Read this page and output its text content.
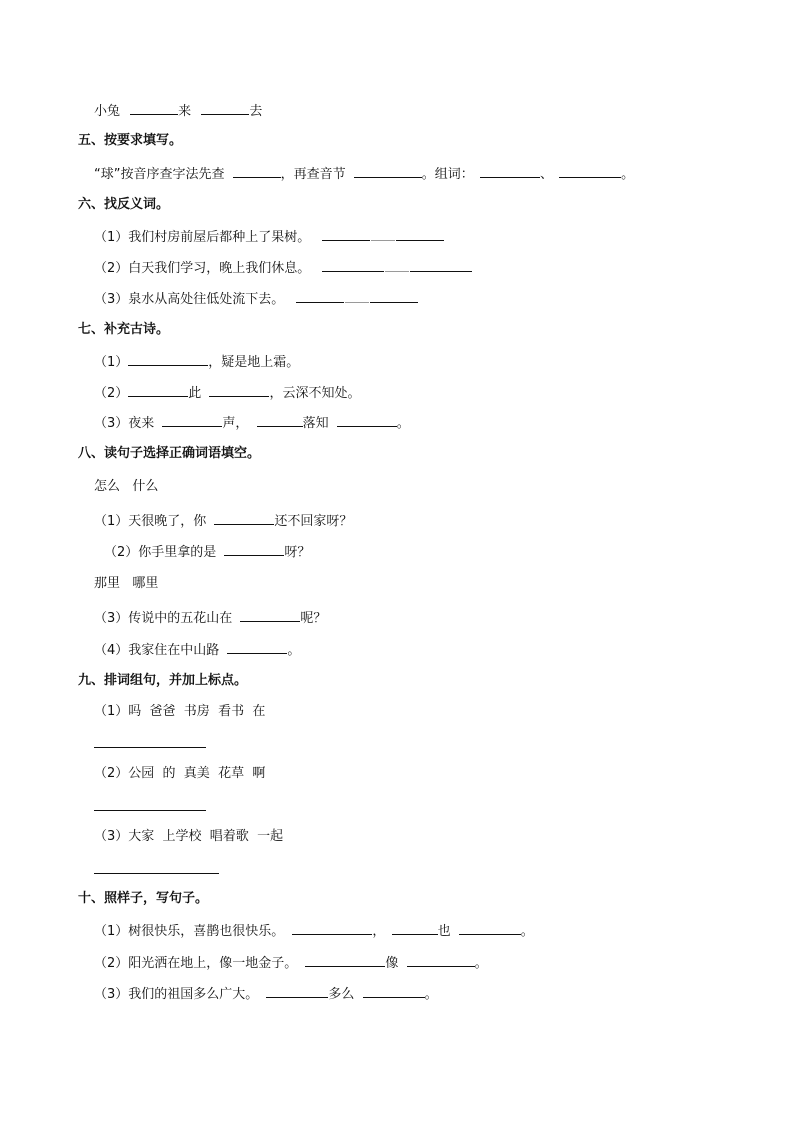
小兔	来	去
五、按要求填写。
“球”按音序查字法先查	，再查音节	。组词：	、	。
六、找反义词。
（1）我们村房前屋后都种上了果树。
（2）白天我们学习，晚上我们休息。
（3）泉水从高处往低处流下去。
七、补充古诗。
（1）	，疑是地上霜。
（2）	此	，云深不知处。
（3）夜来	声，	落知	。
八、读句子选择正确词语填空。
怎么   什么
（1）天很晚了，你	还不回家呀？
（2）你手里拿的是	呀？
那里   哪里
（3）传说中的五花山在	呢？
（4）我家住在中山路	。
九、排词组句，并加上标点。
（1）吗  爸爸  书房  看书  在
（2）公园  的  真美  花草  啊
（3）大家  上学校  唱着歌  一起
十、照样子，写句子。
（1）树很快乐，喜鹊也很快乐。	，	也	。
（2）阳光洒在地上，像一地金子。	像	。
（3）我们的祖国多么广大。	多么	。
